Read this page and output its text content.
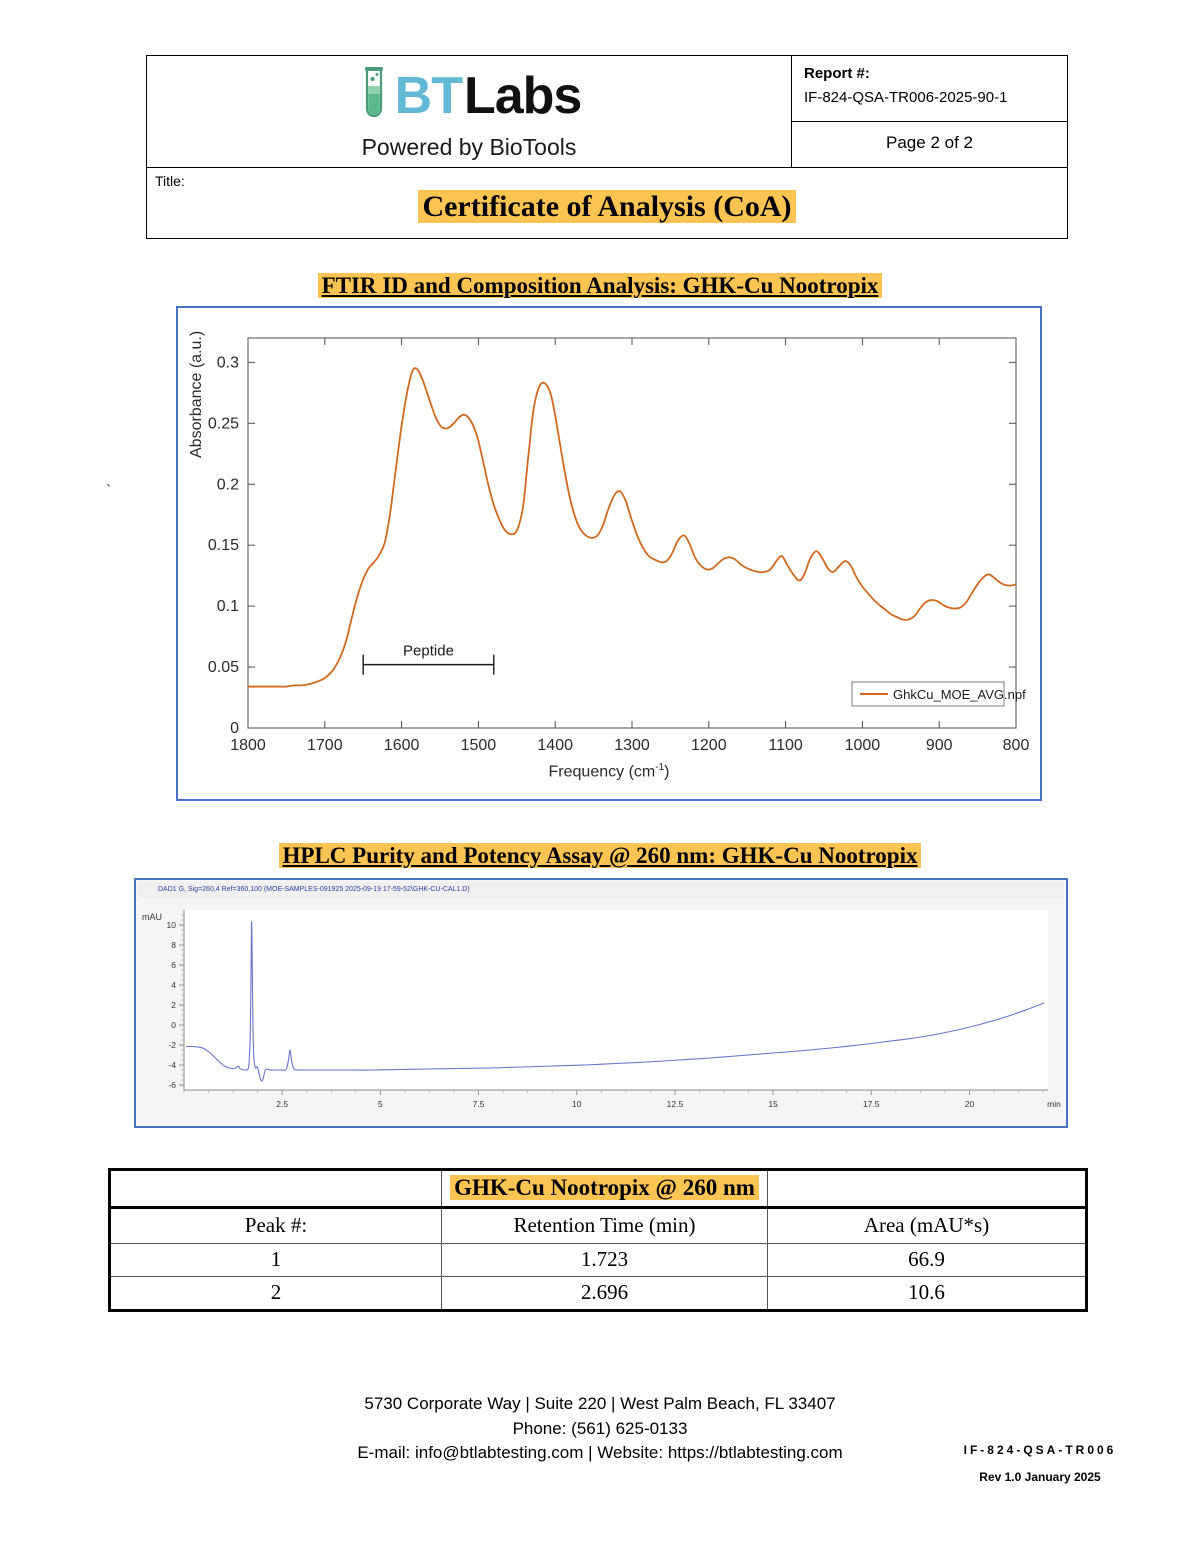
`
BT Labs
Powered by BioTools
Report #:
IF-824-QSA-TR006-2025-90-1
Page 2 of 2
Title:
Certificate of Analysis (CoA)
FTIR ID and Composition Analysis: GHK-Cu Nootropix
Absorbance (a.u.)
Frequency $(cm^{-1})$
1800	1700	1600	1500	1400	1300	1200	1100	1000	900	800
0
0.05
0.1
0.15
0.2
0.25
0.3
Peptide
GhkCu_MOE_AVG.npf
HPLC Purity and Potency Assay @ 260 nm: GHK-Cu Nootropix
DAD1 G, Sig=260,4 Ref=360,100 (MOE-SAMPLES-091925 2025-09-19 17-59-52\GHK-CU-CAL1.D)
mAU
-6
-4
-2
0
2
4
6
8
10
2.5	5	7.5	10	12.5	15	17.5	20	min
	GHK-Cu Nootropix @ 260 nm	
Peak #:	Retention Time (min)	Area (mAU*s)
1	1.723	66.9
2	2.696	10.6
5730 Corporate Way | Suite 220 | West Palm Beach, FL 33407
Phone: (561) 625-0133
E-mail: info@btlabtesting.com | Website: https://btlabtesting.com	IF-824-QSA-TR006
Rev 1.0 January 2025
